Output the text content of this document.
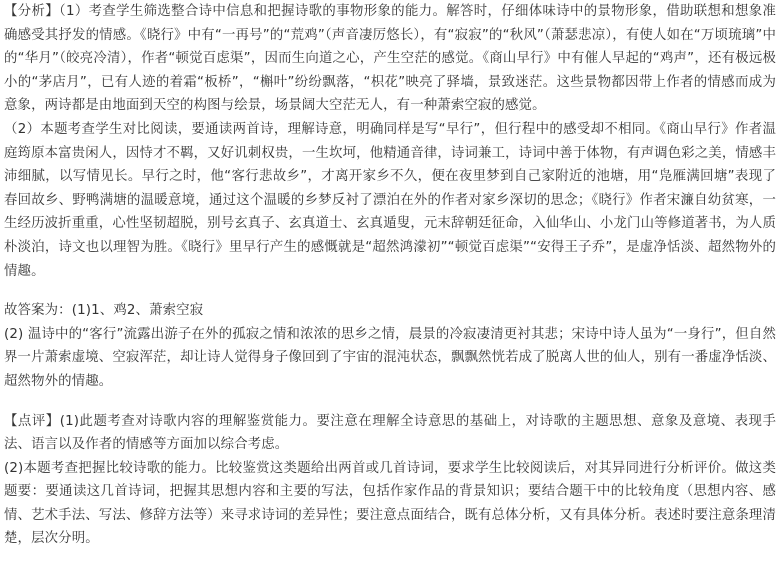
【分析】（1）考查学生筛选整合诗中信息和把握诗歌的事物形象的能力。解答时，仔细体味诗中的景物形象，借助联想和想象准确感受其抒发的情感。《晓行》中有“一再号”的“荒鸡”（声音凄厉悠长），有“寂寂”的“秋风”（萧瑟悲凉），有使人如在“万顷琉璃”中的“华月”（皎亮冷清），作者“顿觉百虑渠”，因而生向道之心，产生空茫的感觉。《商山早行》中有催人早起的“鸡声”，还有极远极小的“茅店月”，已有人迹的着霜“板桥”，“槲叶”纷纷飘落，“枳花”映亮了驿墙，景致迷茫。这些景物都因带上作者的情感而成为意象，两诗都是由地面到天空的构图与绘景，场景阔大空茫无人，有一种萧索空寂的感觉。

（2）本题考查学生对比阅读，要通读两首诗，理解诗意，明确同样是写“早行”，但行程中的感受却不相同。《商山早行》作者温庭筠原本富贵闲人，因恃才不羁，又好讥刺权贵，一生坎坷，他精通音律，诗词兼工，诗词中善于体物，有声调色彩之美，情感丰沛细腻，以写情见长。早行之时，他“客行悲故乡”，才离开家乡不久，便在夜里梦到自己家附近的池塘，用“凫雁满回塘”表现了春回故乡、野鸭满塘的温暖意境，通过这个温暖的乡梦反衬了漂泊在外的作者对家乡深切的思念；《晓行》作者宋濂自幼贫寒，一生经历波折重重，心性坚韧超脱，别号玄真子、玄真道士、玄真遁叟，元末辞朝廷征命，入仙华山、小龙门山等修道著书，为人质朴淡泊，诗文也以理智为胜。《晓行》里早行产生的感慨就是“超然鸿濛初”“顿觉百虑渠”“安得王子乔”，是虚净恬淡、超然物外的情趣。

故答案为：(1)1、鸡2、萧索空寂

(2) 温诗中的“客行”流露出游子在外的孤寂之情和浓浓的思乡之情，晨景的冷寂凄清更衬其悲；宋诗中诗人虽为“一身行”，但自然界一片萧索虚境、空寂浑茫，却让诗人觉得身子像回到了宇宙的混沌状态，飘飘然恍若成了脱离人世的仙人，别有一番虚净恬淡、超然物外的情趣。

【点评】(1)此题考查对诗歌内容的理解鉴赏能力。要注意在理解全诗意思的基础上，对诗歌的主题思想、意象及意境、表现手法、语言以及作者的情感等方面加以综合考虑。

(2)本题考查把握比较诗歌的能力。比较鉴赏这类题给出两首或几首诗词，要求学生比较阅读后，对其异同进行分析评价。做这类题要：要通读这几首诗词，把握其思想内容和主要的写法，包括作家作品的背景知识；要结合题干中的比较角度（思想内容、感情、艺术手法、写法、修辞方法等）来寻求诗词的差异性；要注意点面结合，既有总体分析，又有具体分析。表述时要注意条理清楚，层次分明。
